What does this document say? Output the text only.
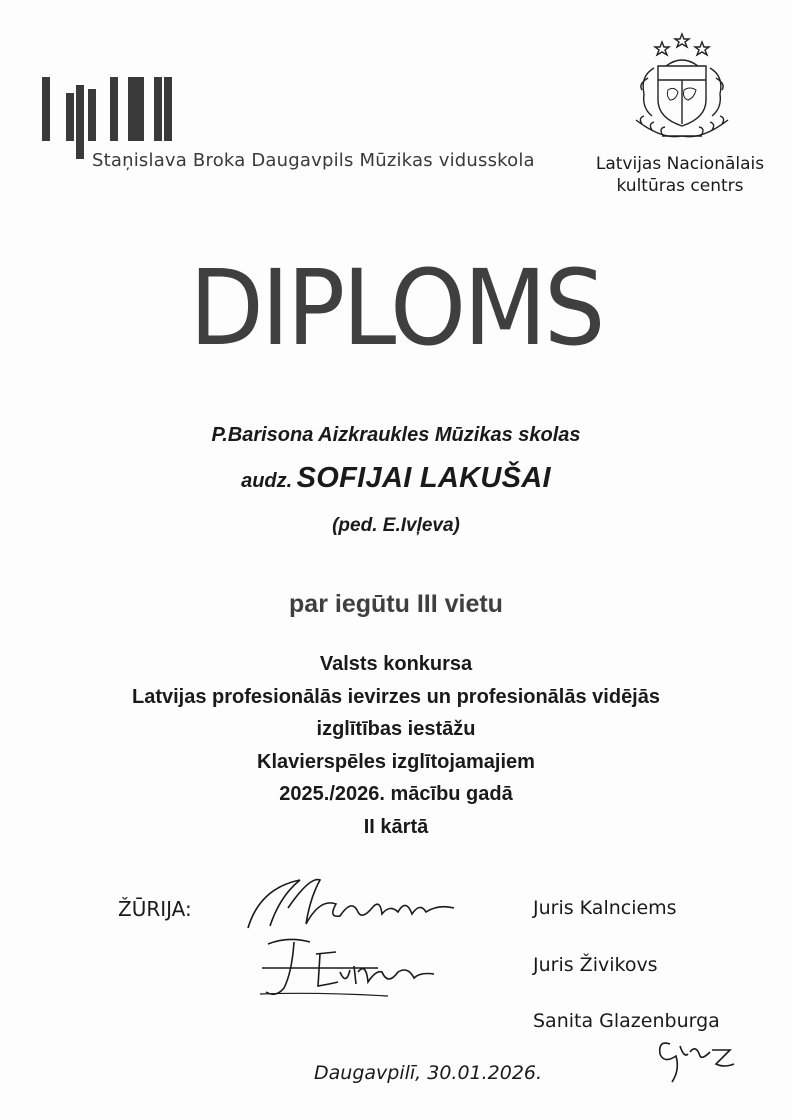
Staņislava Broka Daugavpils Mūzikas vidusskola	Latvijas Nacionālais
kultūras centrs
DIPLOMS
P.Barisona Aizkraukles Mūzikas skolas
audz. SOFIJAI LAKUŠAI
(ped. E.Ivļeva)
par iegūtu III vietu
Valsts konkursa
Latvijas profesionālās ievirzes un profesionālās vidējās
izglītības iestāžu
Klavierspēles izglītojamajiem
2025./2026. mācību gadā
II kārtā
ŽŪRIJA:	Juris Kalnciems
Juris Živikovs
Sanita Glazenburga
Daugavpilī, 30.01.2026.
